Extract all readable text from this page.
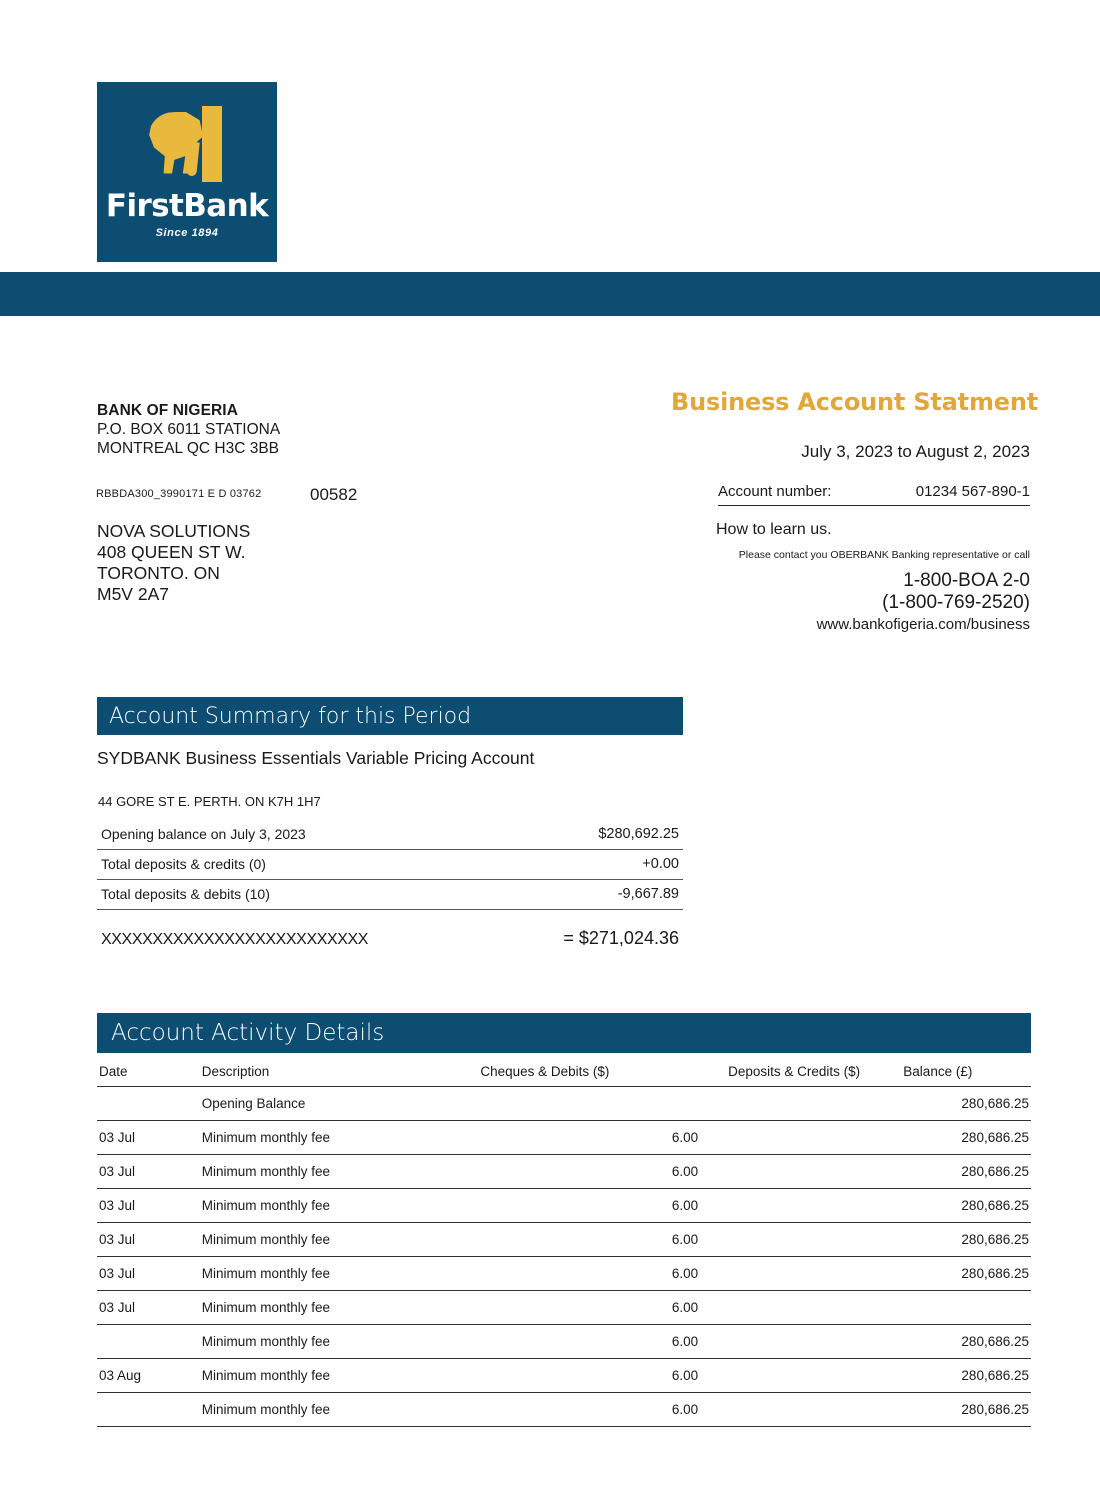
FirstBank
Since 1894
BANK OF NIGERIA
P.O. BOX 6011 STATIONA
MONTREAL QC H3C 3BB
RBBDA300_3990171 E D 03762	00582
NOVA SOLUTIONS
408 QUEEN ST W.
TORONTO. ON
M5V 2A7
Business Account Statment
July 3, 2023 to August 2, 2023
Account number:	01234 567-890-1
How to learn us.
Please contact you OBERBANK Banking representative or call
1-800-BOA 2-0
(1-800-769-2520)
www.bankofigeria.com/business
Account Summary for this Period
SYDBANK Business Essentials Variable Pricing Account
44 GORE ST E. PERTH. ON K7H 1H7
Opening balance on July 3, 2023	$280,692.25
Total deposits & credits (0)	+0.00
Total deposits & debits (10)	-9,667.89
XXXXXXXXXXXXXXXXXXXXXXXXXX	= $271,024.36
Account Activity Details
Date	Description	Cheques & Debits ($)	Deposits & Credits ($)	Balance (£)
	Opening Balance			280,686.25
03 Jul	Minimum monthly fee	6.00		280,686.25
03 Jul	Minimum monthly fee	6.00		280,686.25
03 Jul	Minimum monthly fee	6.00		280,686.25
03 Jul	Minimum monthly fee	6.00		280,686.25
03 Jul	Minimum monthly fee	6.00		280,686.25
03 Jul	Minimum monthly fee	6.00		
	Minimum monthly fee	6.00		280,686.25
03 Aug	Minimum monthly fee	6.00		280,686.25
	Minimum monthly fee	6.00		280,686.25
